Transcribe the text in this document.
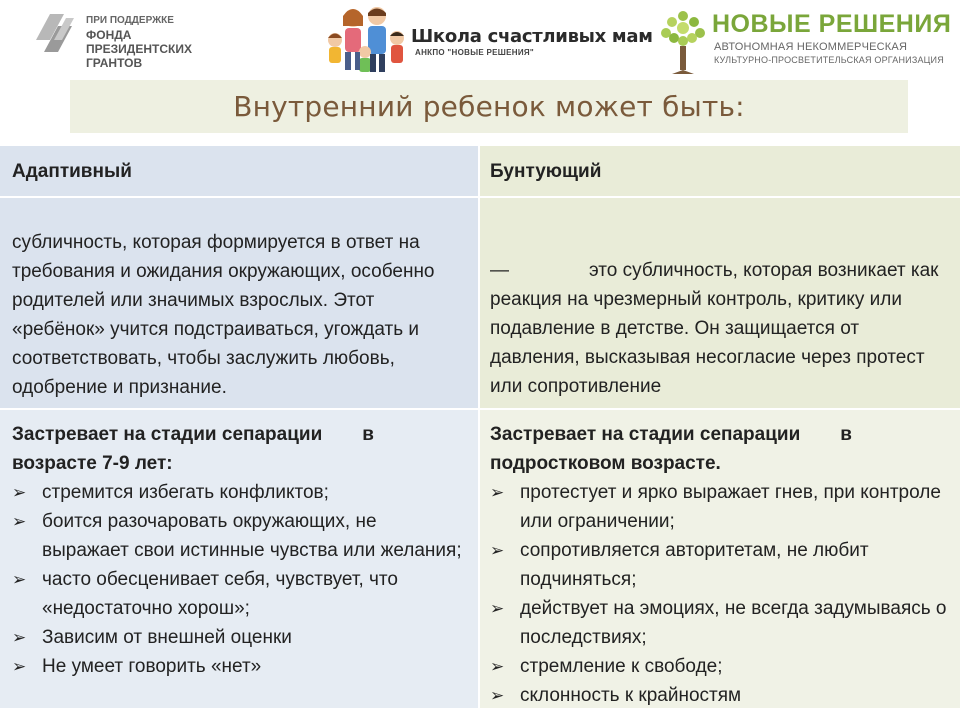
ПРИ ПОДДЕРЖКЕ
ФОНДА
ПРЕЗИДЕНТСКИХ
ГРАНТОВ
Школа счастливых мам
АНКПО "НОВЫЕ РЕШЕНИЯ"
НОВЫЕ РЕШЕНИЯ
АВТОНОМНАЯ НЕКОММЕРЧЕСКАЯ
КУЛЬТУРНО-ПРОСВЕТИТЕЛЬСКАЯ ОРГАНИЗАЦИЯ
Внутренний ребенок может быть:
Адаптивный	Бунтующий
субличность, которая формируется в ответ на требования и ожидания окружающих, особенно родителей или значимых взрослых. Этот «ребёнок» учится подстраиваться, угождать и соответствовать, чтобы заслужить любовь, одобрение и признание.
—	это субличность, которая возникает как реакция на чрезмерный контроль, критику или подавление в детстве. Он защищается от давления, высказывая несогласие через протест или сопротивление
Застревает на стадии сепарации в
возрасте 7-9 лет:
➢ стремится избегать конфликтов;
➢ боится разочаровать окружающих, не выражает свои истинные чувства или желания;
➢ часто обесценивает себя, чувствует, что «недостаточно хорош»;
➢ Зависим от внешней оценки
➢ Не умеет говорить «нет»
Застревает на стадии сепарации в
подростковом возрасте.
➢ протестует и ярко выражает гнев, при контроле или ограничении;
➢ сопротивляется авторитетам, не любит подчиняться;
➢ действует на эмоциях, не всегда задумываясь о последствиях;
➢ стремление к свободе;
➢ склонность к крайностям
